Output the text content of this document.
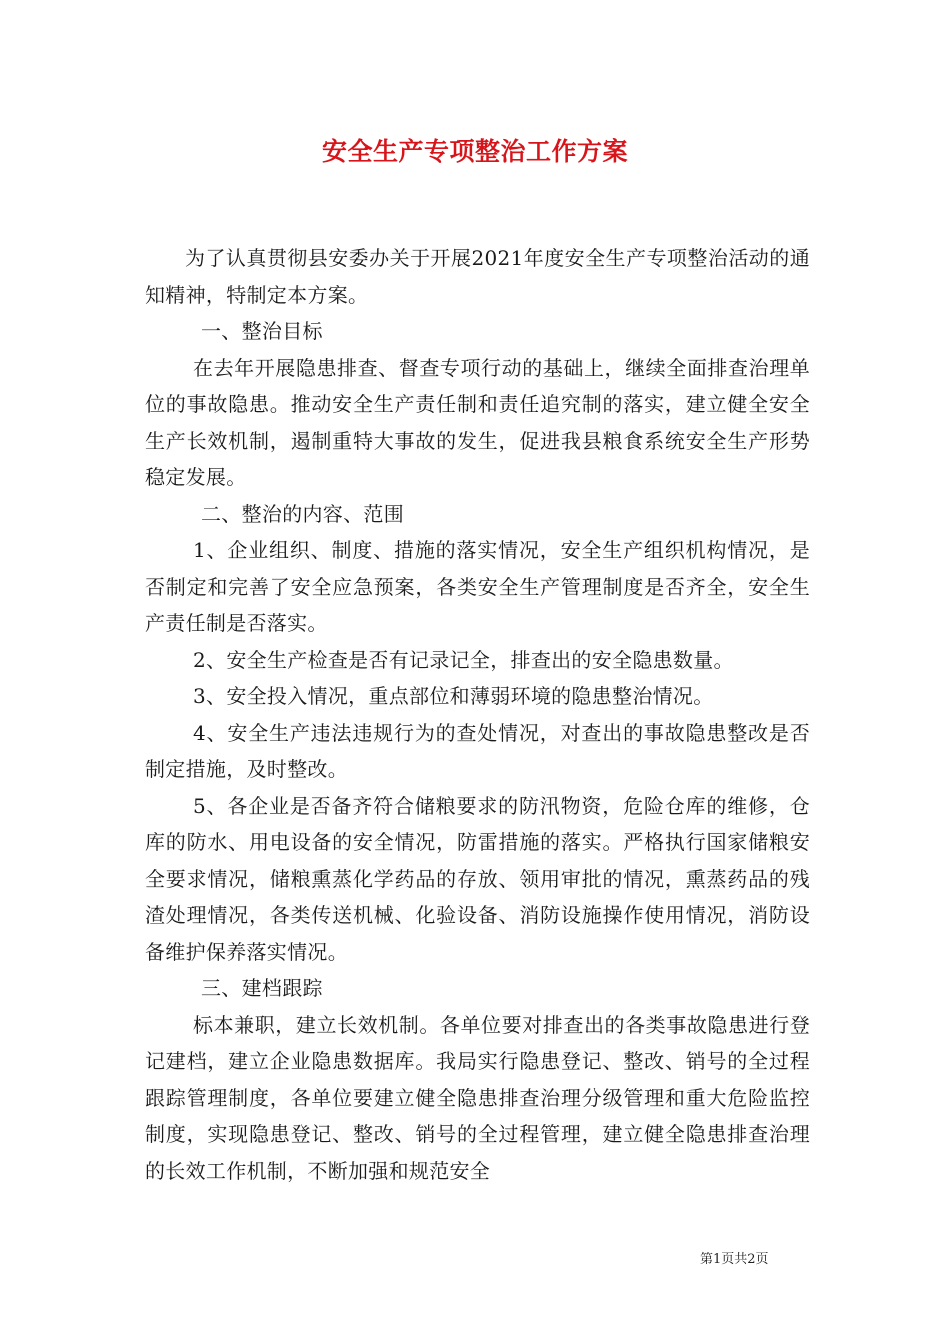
安全生产专项整治工作方案

为了认真贯彻县安委办关于开展2021年度安全生产专项整治活动的通知精神，特制定本方案。

一、整治目标

在去年开展隐患排查、督查专项行动的基础上，继续全面排查治理单位的事故隐患。推动安全生产责任制和责任追究制的落实，建立健全安全生产长效机制，遏制重特大事故的发生，促进我县粮食系统安全生产形势稳定发展。

二、整治的内容、范围

1、企业组织、制度、措施的落实情况，安全生产组织机构情况，是否制定和完善了安全应急预案，各类安全生产管理制度是否齐全，安全生产责任制是否落实。

2、安全生产检查是否有记录记全，排查出的安全隐患数量。

3、安全投入情况，重点部位和薄弱环境的隐患整治情况。

4、安全生产违法违规行为的查处情况，对查出的事故隐患整改是否制定措施，及时整改。

5、各企业是否备齐符合储粮要求的防汛物资，危险仓库的维修，仓库的防水、用电设备的安全情况，防雷措施的落实。严格执行国家储粮安全要求情况，储粮熏蒸化学药品的存放、领用审批的情况，熏蒸药品的残渣处理情况，各类传送机械、化验设备、消防设施操作使用情况，消防设备维护保养落实情况。

三、建档跟踪

标本兼职，建立长效机制。各单位要对排查出的各类事故隐患进行登记建档，建立企业隐患数据库。我局实行隐患登记、整改、销号的全过程跟踪管理制度，各单位要建立健全隐患排查治理分级管理和重大危险监控制度，实现隐患登记、整改、销号的全过程管理，建立健全隐患排查治理的长效工作机制，不断加强和规范安全

第1页共2页
